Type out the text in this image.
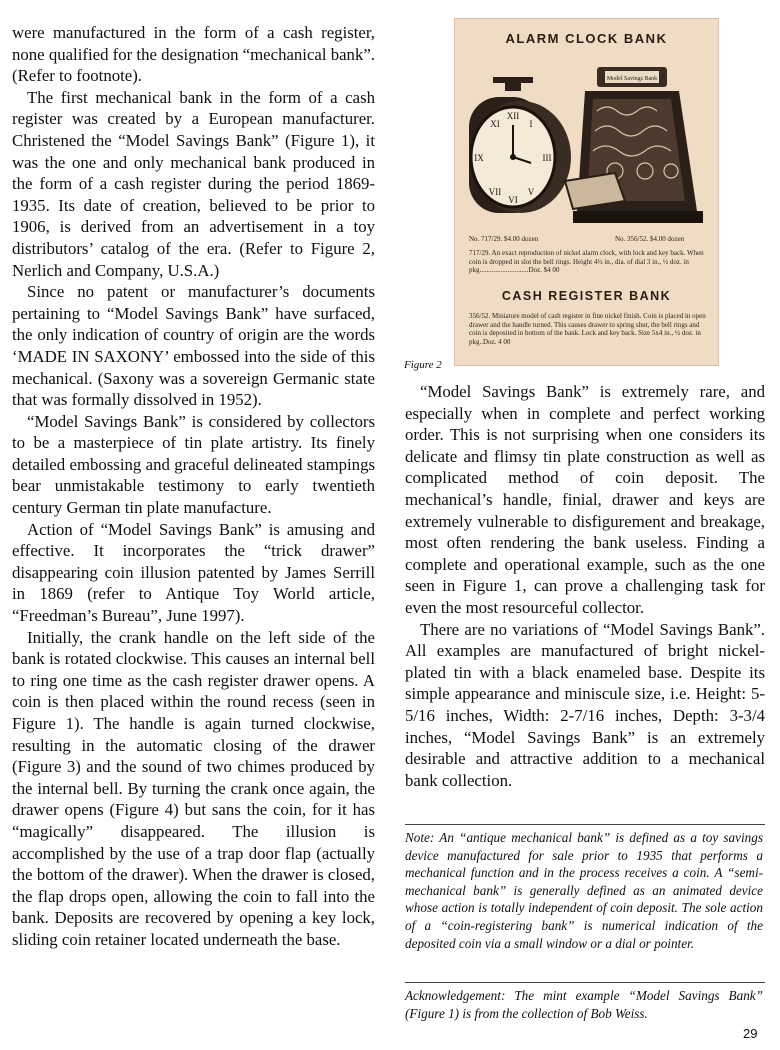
were manufactured in the form of a cash register, none qualified for the designation “mechanical bank”. (Refer to footnote).

The first mechanical bank in the form of a cash register was created by a European manufacturer. Christened the “Model Savings Bank” (Figure 1), it was the one and only mechanical bank produced in the form of a cash register during the period 1869-1935. Its date of creation, believed to be prior to 1906, is derived from an advertisement in a toy distributors’ catalog of the era. (Refer to Figure 2, Nerlich and Company, U.S.A.)

Since no patent or manufacturer’s documents pertaining to “Model Savings Bank” have surfaced, the only indication of country of origin are the words ‘MADE IN SAXONY’ embossed into the side of this mechanical. (Saxony was a sovereign Germanic state that was formally dissolved in 1952).

“Model Savings Bank” is considered by collectors to be a masterpiece of tin plate artistry. Its finely detailed embossing and graceful delineated stampings bear unmistakable testimony to early twentieth century German tin plate manufacture.

Action of “Model Savings Bank” is amusing and effective. It incorporates the “trick drawer” disappearing coin illusion patented by James Serrill in 1869 (refer to Antique Toy World article, “Freedman’s Bureau”, June 1997).

Initially, the crank handle on the left side of the bank is rotated clockwise. This causes an internal bell to ring one time as the cash register drawer opens. A coin is then placed within the round recess (seen in Figure 1). The handle is again turned clockwise, resulting in the automatic closing of the drawer (Figure 3) and the sound of two chimes produced by the internal bell. By turning the crank once again, the drawer opens (Figure 4) but sans the coin, for it has “magically” disappeared. The illusion is accomplished by the use of a trap door flap (actually the bottom of the drawer). When the drawer is closed, the flap drops open, allowing the coin to fall into the bank. Deposits are recovered by opening a key lock, sliding coin retainer located underneath the base.

ALARM CLOCK BANK
XII
VI
IX	III
I
XI
VII	V
Model Savings Bank
No. 717/29. $4.00 dozen	No. 356/52. $4.00 dozen
717/29. An exact reproduction of nickel alarm clock, with lock and key back. When coin is dropped in slot the bell rings. Height 4½ in., dia. of dial 3 in., ½ doz. in pkg............................Doz. $4 00
CASH REGISTER BANK
356/52. Miniature model of cash register in fine nickel finish. Coin is placed in open drawer and the handle turned. This causes drawer to spring shut, the bell rings and coin is deposited in bottom of the bank. Lock and key back. Size 5x4 in., ½ doz. in pkg..Doz. 4 00
Figure 2

“Model Savings Bank” is extremely rare, and especially when in complete and perfect working order. This is not surprising when one considers its delicate and flimsy tin plate construction as well as complicated method of coin deposit. The mechanical’s handle, finial, drawer and keys are extremely vulnerable to disfigurement and breakage, most often rendering the bank useless. Finding a complete and operational example, such as the one seen in Figure 1, can prove a challenging task for even the most resourceful collector.

There are no variations of “Model Savings Bank”. All examples are manufactured of bright nickel-plated tin with a black enameled base. Despite its simple appearance and miniscule size, i.e. Height: 5-5/16 inches, Width: 2-7/16 inches, Depth: 3-3/4 inches, “Model Savings Bank” is an extremely desirable and attractive addition to a mechanical bank collection.

Note: An “antique mechanical bank” is defined as a toy savings device manufactured for sale prior to 1935 that performs a mechanical function and in the process receives a coin. A “semi-mechanical bank” is generally defined as an animated device whose action is totally independent of coin deposit. The sole action of a “coin-registering bank” is numerical indication of the deposited coin via a small window or a dial or pointer.
Acknowledgement: The mint example “Model Savings Bank” (Figure 1) is from the collection of Bob Weiss.
29
